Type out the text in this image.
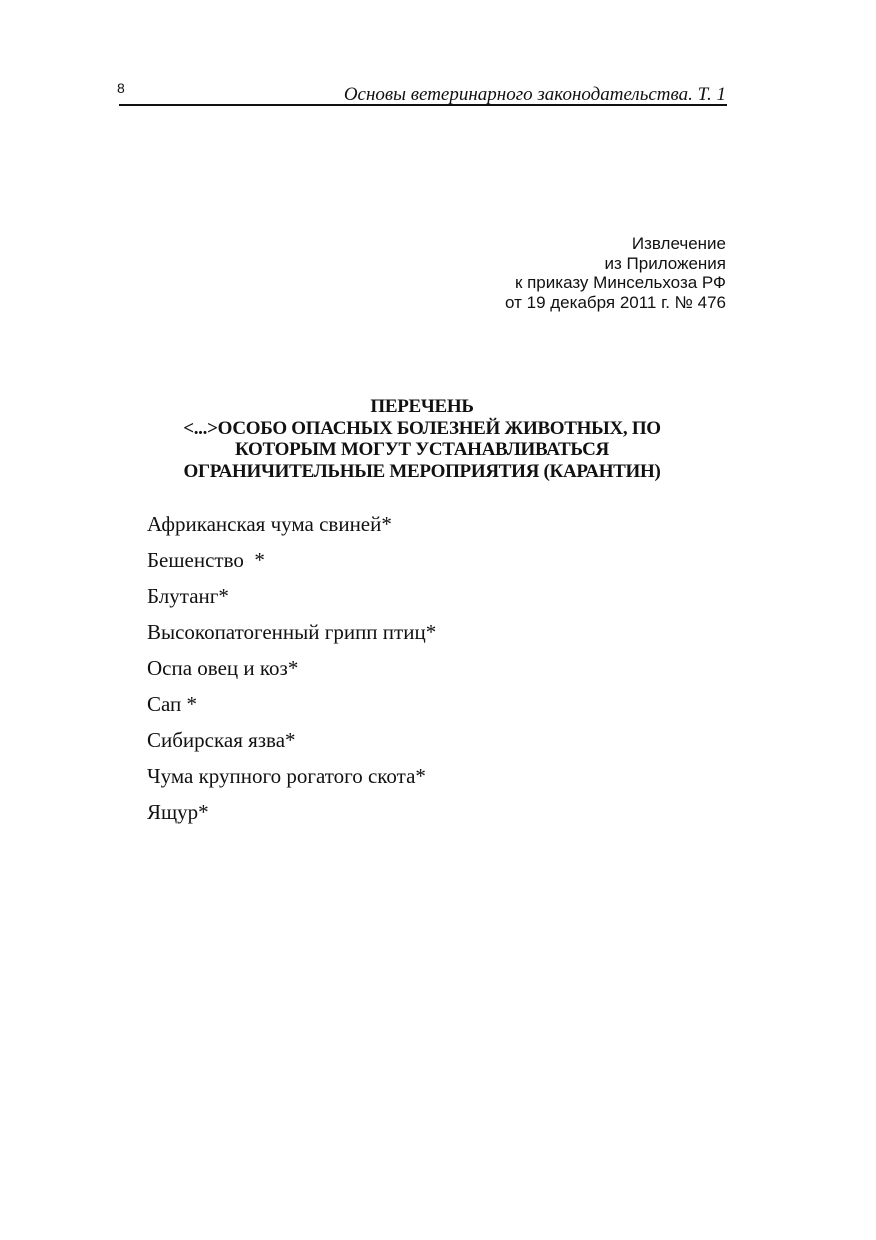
8	Основы ветеринарного законодательства. Т. 1
Извлечение
из Приложения
к приказу Минсельхоза РФ
от 19 декабря 2011 г. № 476
ПЕРЕЧЕНЬ
<...>ОСОБО ОПАСНЫХ БОЛЕЗНЕЙ ЖИВОТНЫХ, ПО
КОТОРЫМ МОГУТ УСТАНАВЛИВАТЬСЯ
ОГРАНИЧИТЕЛЬНЫЕ МЕРОПРИЯТИЯ (КАРАНТИН)
Африканская чума свиней*
Бешенство  *
Блутанг*
Высокопатогенный грипп птиц*
Оспа овец и коз*
Сап *
Сибирская язва*
Чума крупного рогатого скота*
Ящур*
